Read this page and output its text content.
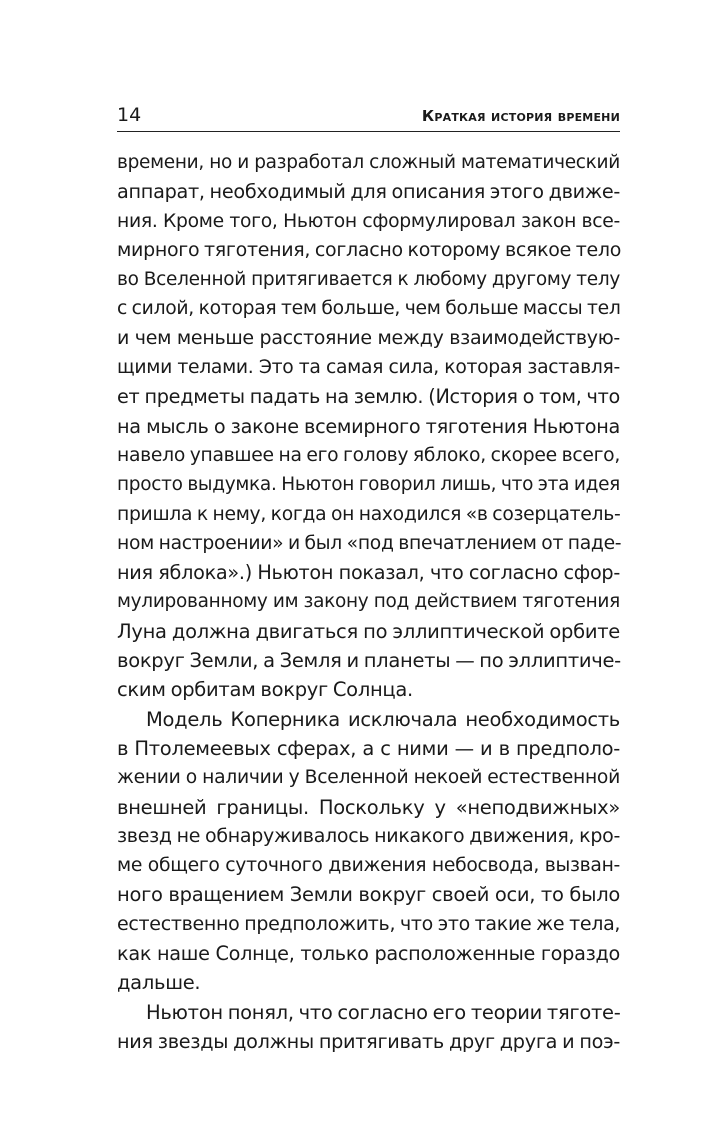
14	Краткая история времени
времени, но и разработал сложный математический
аппарат, необходимый для описания этого движе-
ния. Кроме того, Ньютон сформулировал закон все-
мирного тяготения, согласно которому всякое тело
во Вселенной притягивается к любому другому телу
с силой, которая тем больше, чем больше массы тел
и чем меньше расстояние между взаимодействую-
щими телами. Это та самая сила, которая заставля-
ет предметы падать на землю. (История о том, что
на мысль о законе всемирного тяготения Ньютона
навело упавшее на его голову яблоко, скорее всего,
просто выдумка. Ньютон говорил лишь, что эта идея
пришла к нему, когда он находился «в созерцатель-
ном настроении» и был «под впечатлением от паде-
ния яблока».) Ньютон показал, что согласно сфор-
мулированному им закону под действием тяготения
Луна должна двигаться по эллиптической орбите
вокруг Земли, а Земля и планеты — по эллиптиче-
ским орбитам вокруг Солнца.
Модель Коперника исключала необходимость
в Птолемеевых сферах, а с ними — и в предполо-
жении о наличии у Вселенной некоей естественной
внешней границы. Поскольку у «неподвижных»
звезд не обнаруживалось никакого движения, кро-
ме общего суточного движения небосвода, вызван-
ного вращением Земли вокруг своей оси, то было
естественно предположить, что это такие же тела,
как наше Солнце, только расположенные гораздо
дальше.
Ньютон понял, что согласно его теории тяготе-
ния звезды должны притягивать друг друга и поэ-
